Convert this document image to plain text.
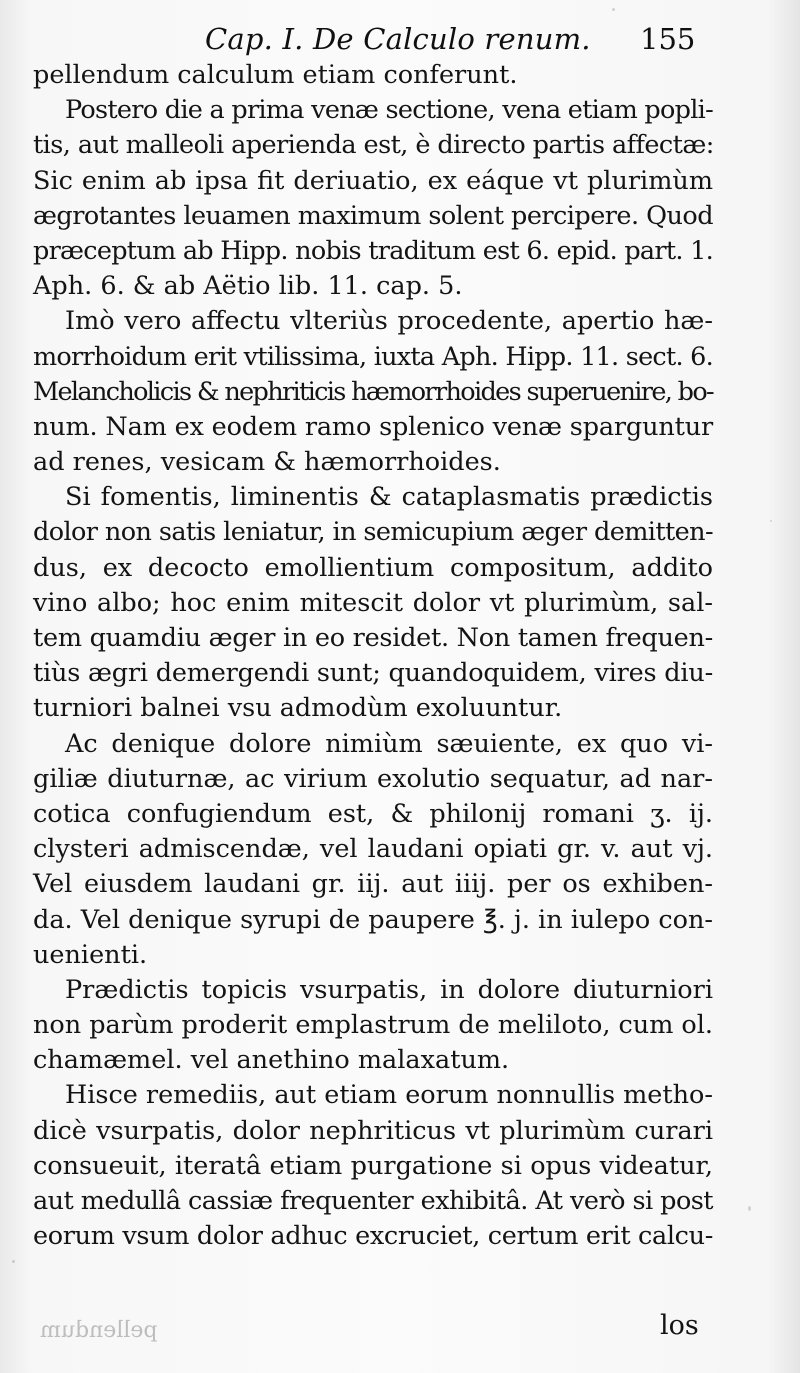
Cap. I. De Calculo renum. 155
pellendum calculum etiam conferunt.
Postero die a prima venæ sectione, vena etiam popli-
tis, aut malleoli aperienda est, è directo partis affectæ:
Sic enim ab ipsa fit deriuatio, ex eáque vt plurimùm
ægrotantes leuamen maximum solent percipere. Quod
præceptum ab Hipp. nobis traditum est 6. epid. part. 1.
Aph. 6. & ab Aëtio lib. 11. cap. 5.
Imò vero affectu vlteriùs procedente, apertio hæ-
morrhoidum erit vtilissima, iuxta Aph. Hipp. 11. sect. 6.
Melancholicis & nephriticis hæmorrhoides superuenire, bo-
num. Nam ex eodem ramo splenico venæ sparguntur
ad renes, vesicam & hæmorrhoides.
Si fomentis, liminentis & cataplasmatis prædictis
dolor non satis leniatur, in semicupium æger demitten-
dus, ex decocto emollientium compositum, addito
vino albo; hoc enim mitescit dolor vt plurimùm, sal-
tem quamdiu æger in eo residet. Non tamen frequen-
tiùs ægri demergendi sunt; quandoquidem, vires diu-
turniori balnei vsu admodùm exoluuntur.
Ac denique dolore nimiùm sæuiente, ex quo vi-
giliæ diuturnæ, ac virium exolutio sequatur, ad nar-
cotica confugiendum est, & philonij romani ʒ. ij.
clysteri admiscendæ, vel laudani opiati gr. v. aut vj.
Vel eiusdem laudani gr. iij. aut iiij. per os exhiben-
da. Vel denique syrupi de paupere ℥. j. in iulepo con-
uenienti.
Prædictis topicis vsurpatis, in dolore diuturniori
non parùm proderit emplastrum de meliloto, cum ol.
chamæmel. vel anethino malaxatum.
Hisce remediis, aut etiam eorum nonnullis metho-
dicè vsurpatis, dolor nephriticus vt plurimùm curari
consueuit, iteratâ etiam purgatione si opus videatur,
aut medullâ cassiæ frequenter exhibitâ. At verò si post
eorum vsum dolor adhuc excruciet, certum erit calcu-
pellendum	los
